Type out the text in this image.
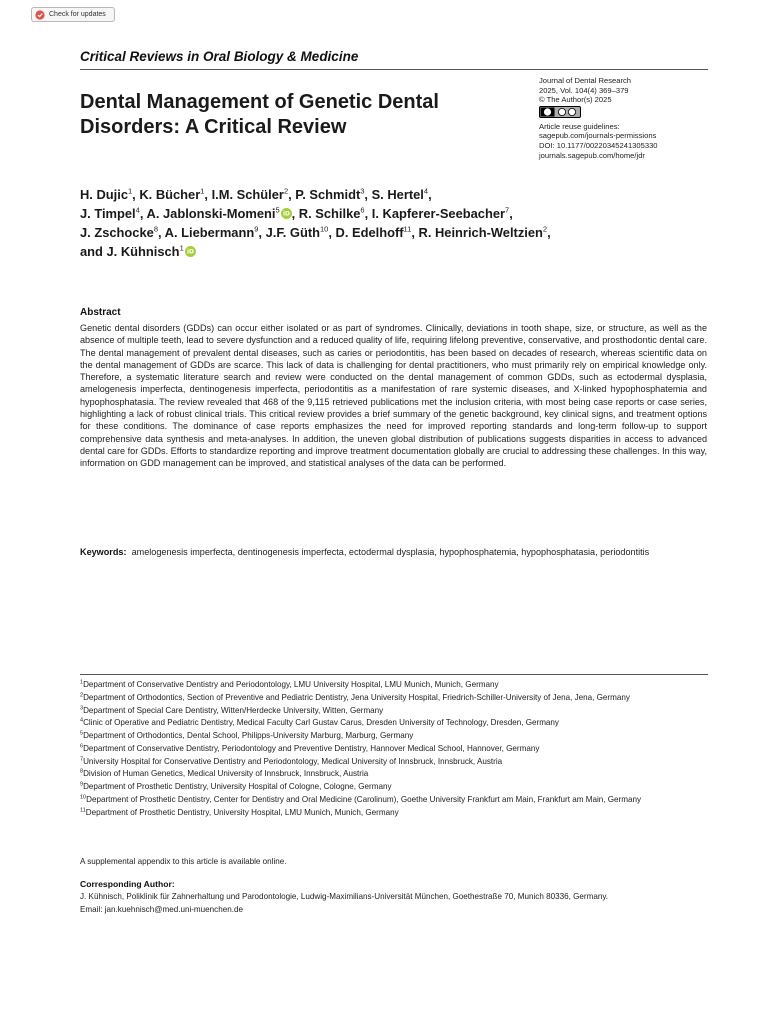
Check for updates
Critical Reviews in Oral Biology & Medicine
Dental Management of Genetic Dental Disorders: A Critical Review
Journal of Dental Research
2025, Vol. 104(4) 369–379
© The Author(s) 2025
Article reuse guidelines:
sagepub.com/journals-permissions
DOI: 10.1177/00220345241305330
journals.sagepub.com/home/jdr
H. Dujic$^1$, K. Bücher$^1$, I.M. Schüler$^2$, P. Schmidt$^3$, S. Hertel$^4$,
J. Timpel$^4$, A. Jablonski-Momeni$^5$ iD , R. Schilke$^6$, I. Kapferer-Seebacher$^7$,
J. Zschocke$^8$, A. Liebermann$^9$, J.F. Güth$^{10}$, D. Edelhoff$^{11}$, R. Heinrich-Weltzien$^2$,
and J. Kühnisch$^1$ iD
Abstract

Genetic dental disorders (GDDs) can occur either isolated or as part of syndromes. Clinically, deviations in tooth shape, size, or structure, as well as the absence of multiple teeth, lead to severe dysfunction and a reduced quality of life, requiring lifelong preventive, conservative, and prosthodontic dental care. The dental management of prevalent dental diseases, such as caries or periodontitis, has been based on decades of research, whereas scientific data on the dental management of GDDs are scarce. This lack of data is challenging for dental practitioners, who must primarily rely on empirical knowledge only. Therefore, a systematic literature search and review were conducted on the dental management of common GDDs, such as ectodermal dysplasia, amelogenesis imperfecta, dentinogenesis imperfecta, periodontitis as a manifestation of rare systemic diseases, and X-linked hypophosphatemia and hypophosphatasia. The review revealed that 468 of the 9,115 retrieved publications met the inclusion criteria, with most being case reports or case series, highlighting a lack of robust clinical trials. This critical review provides a brief summary of the genetic background, key clinical signs, and treatment options for these conditions. The dominance of case reports emphasizes the need for improved reporting standards and long-term follow-up to support comprehensive data synthesis and meta-analyses. In addition, the uneven global distribution of publications suggests disparities in access to advanced dental care for GDDs. Efforts to standardize reporting and improve treatment documentation globally are crucial to addressing these challenges. In this way, information on GDD management can be improved, and statistical analyses of the data can be performed.

Keywords: amelogenesis imperfecta, dentinogenesis imperfecta, ectodermal dysplasia, hypophosphatemia, hypophosphatasia, periodontitis

$^1$Department of Conservative Dentistry and Periodontology, LMU University Hospital, LMU Munich, Munich, Germany
$^2$Department of Orthodontics, Section of Preventive and Pediatric Dentistry, Jena University Hospital, Friedrich-Schiller-University of Jena, Jena, Germany
$^3$Department of Special Care Dentistry, Witten/Herdecke University, Witten, Germany
$^4$Clinic of Operative and Pediatric Dentistry, Medical Faculty Carl Gustav Carus, Dresden University of Technology, Dresden, Germany
$^5$Department of Orthodontics, Dental School, Philipps-University Marburg, Marburg, Germany
$^6$Department of Conservative Dentistry, Periodontology and Preventive Dentistry, Hannover Medical School, Hannover, Germany
$^7$University Hospital for Conservative Dentistry and Periodontology, Medical University of Innsbruck, Innsbruck, Austria
$^8$Division of Human Genetics, Medical University of Innsbruck, Innsbruck, Austria
$^9$Department of Prosthetic Dentistry, University Hospital of Cologne, Cologne, Germany
$^{10}$Department of Prosthetic Dentistry, Center for Dentistry and Oral Medicine (Carolinum), Goethe University Frankfurt am Main, Frankfurt am Main, Germany
$^{11}$Department of Prosthetic Dentistry, University Hospital, LMU Munich, Munich, Germany
A supplemental appendix to this article is available online.
Corresponding Author:
J. Kühnisch, Poliklinik für Zahnerhaltung und Parodontologie, Ludwig-Maximilians-Universität München, Goethestraße 70, Munich 80336, Germany.
Email: jan.kuehnisch@med.uni-muenchen.de
